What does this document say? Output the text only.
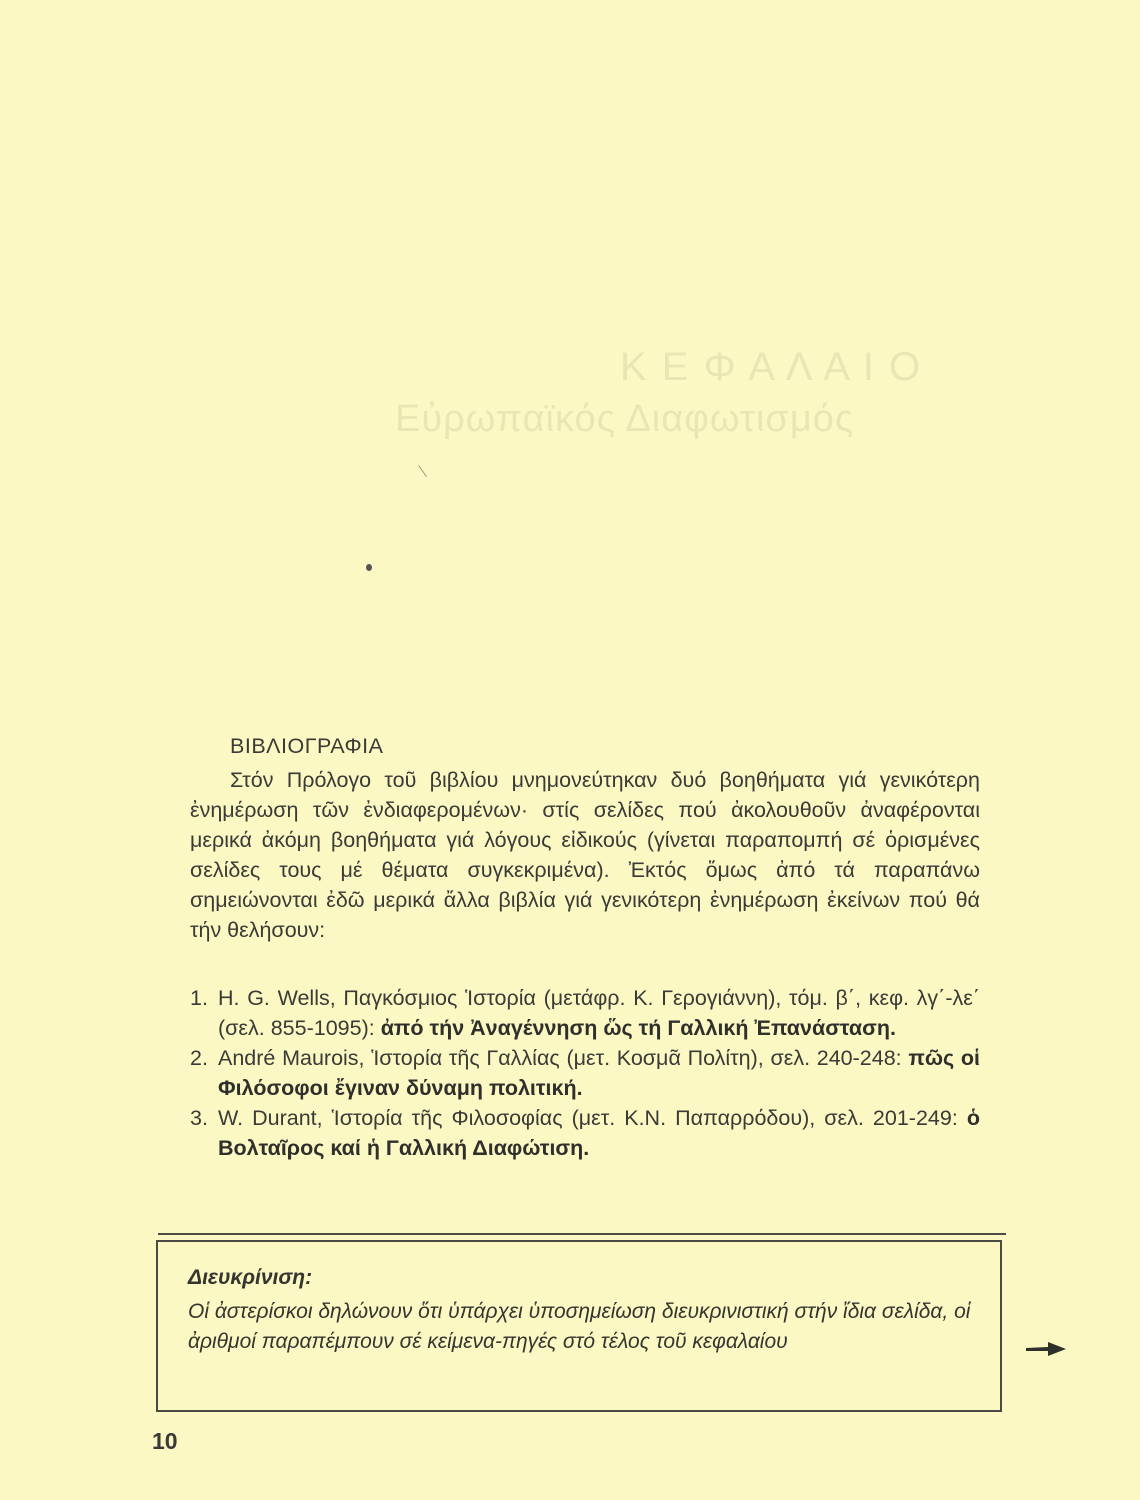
Κ Ε Φ Α Λ Α Ι Ο
Εὐρωπαϊκός Διαφωτισμός
ΒΙΒΛΙΟΓΡΑΦΙΑ
Στόν Πρόλογο τοῦ βιβλίου μνημονεύτηκαν δυό βοηθήματα γιά γενικότερη ἐνημέρωση τῶν ἐνδιαφερομένων· στίς σελίδες πού ἀκολουθοῦν ἀναφέρονται μερικά ἀκόμη βοηθήματα γιά λόγους εἰδικούς (γίνεται παραπομπή σέ ὁρισμένες σελίδες τους μέ θέματα συγκεκριμένα). Ἐκτός ὅμως ἀπό τά παραπάνω σημειώνονται ἐδῶ μερικά ἄλλα βιβλία γιά γενικότερη ἐνημέρωση ἐκείνων πού θά τήν θελήσουν:
1. H. G. Wells, Παγκόσμιος Ἱστορία (μετάφρ. Κ. Γερογιάννη), τόμ. β΄, κεφ. λγ΄-λε΄ (σελ. 855-1095): ἀπό τήν Ἀναγέννηση ὥς τή Γαλλική Ἐπανάσταση.
2. André Maurois, Ἱστορία τῆς Γαλλίας (μετ. Κοσμᾶ Πολίτη), σελ. 240-248: πῶς οἱ Φιλόσοφοι ἔγιναν δύναμη πολιτική.
3. W. Durant, Ἱστορία τῆς Φιλοσοφίας (μετ. Κ.Ν. Παπαρρόδου), σελ. 201-249: ὁ Βολταῖρος καί ἡ Γαλλική Διαφώτιση.
Διευκρίνιση:
Οἱ ἀστερίσκοι δηλώνουν ὅτι ὑπάρχει ὑποσημείωση διευκρινιστική στήν ἴδια σελίδα, οἱ ἀριθμοί παραπέμπουν σέ κείμενα-πηγές στό τέλος τοῦ κεφαλαίου
10
